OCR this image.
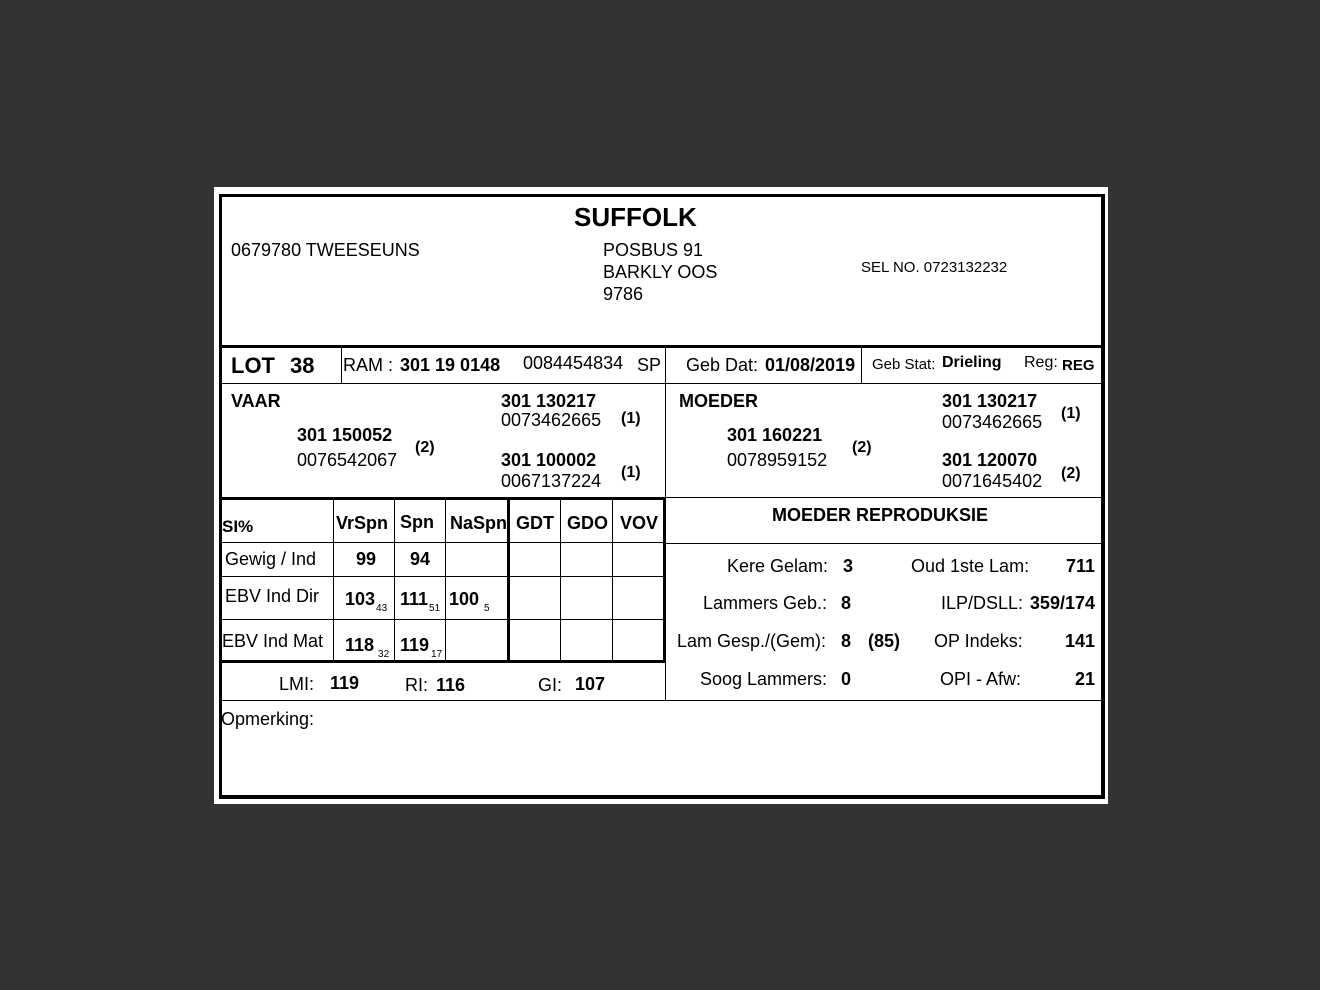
SUFFOLK
0679780 TWEESEUNS	POSBUS 91
BARKLY OOS
9786
SEL NO. 0723132232
LOT 38 RAM : 301 19 0148 0084454834 SP Geb Dat: 01/08/2019 Geb Stat: Drieling Reg: REG
VAAR
301 150052
0076542067
(2)
301 130217
0073462665 (1)
301 100002
0067137224 (1)
MOEDER
301 160221
0078959152
(2)
301 130217
0073462665 (1)
301 120070
0071645402 (2)
SI%	VrSpn Spn NaSpn GDT GDO VOV
Gewig / Ind 99 94
EBV Ind Dir $103_{43}$ $111_{51}$ 100 $_5$
EBV Ind Mat 118 $_{32}$ 119 $_{17}$
LMI: 119	RI: 116	GI: 107
MOEDER REPRODUKSIE
Kere Gelam: 3	Oud 1ste Lam:	711
Lammers Geb.: 8	ILP/DSLL: 359/174
Lam Gesp./(Gem): 8 (85) OP Indeks:	141
Soog Lammers: 0	OPI - Afw:	21
Opmerking:
